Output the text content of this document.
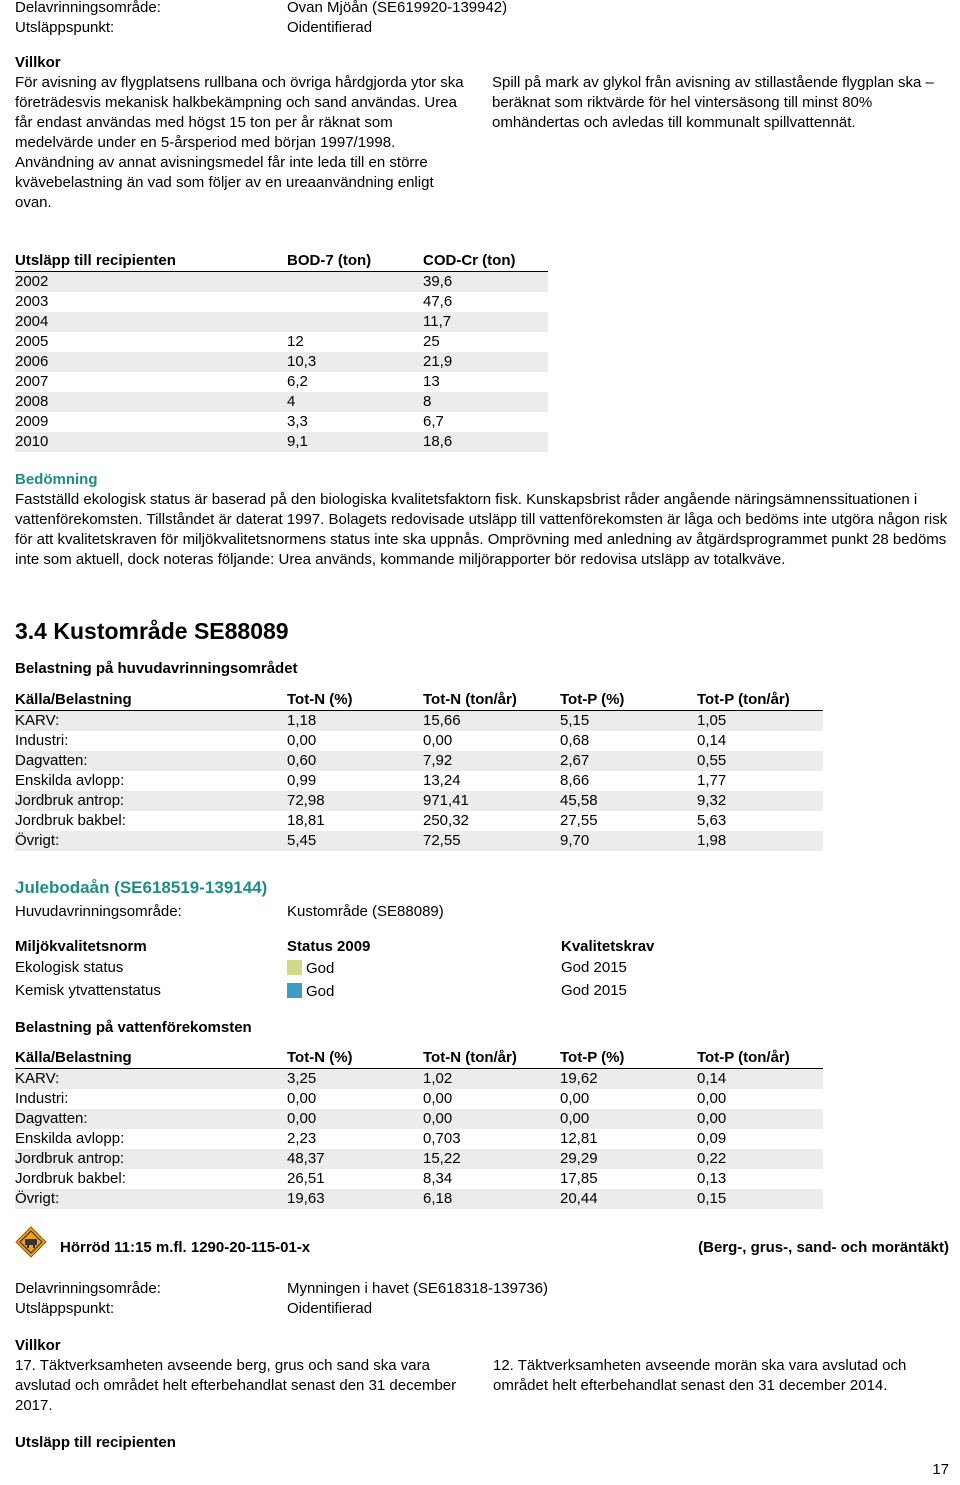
Delavrinningsområde:	Ovan Mjöån (SE619920-139942)
Utsläppspunkt:	Oidentifierad
Villkor
För avisning av flygplatsens rullbana och övriga hårdgjorda ytor ska företrädesvis mekanisk halkbekämpning och sand användas. Urea får endast användas med högst 15 ton per år räknat som medelvärde under en 5-årsperiod med början 1997/1998. Användning av annat avisningsmedel får inte leda till en större kvävebelastning än vad som följer av en ureaanvändning enligt ovan.
Spill på mark av glykol från avisning av stillastående flygplan ska – beräknat som riktvärde för hel vintersäsong till minst 80% omhändertas och avledas till kommunalt spillvattennät.
Utsläpp till recipienten	BOD-7 (ton)	COD-Cr (ton)
2002		39,6
2003		47,6
2004		11,7
2005	12	25
2006	10,3	21,9
2007	6,2	13
2008	4	8
2009	3,3	6,7
2010	9,1	18,6
Bedömning
Fastställd ekologisk status är baserad på den biologiska kvalitetsfaktorn fisk. Kunskapsbrist råder angående näringsämnenssituationen i vattenförekomsten. Tillståndet är daterat 1997. Bolagets redovisade utsläpp till vattenförekomsten är låga och bedöms inte utgöra någon risk för att kvalitetskraven för miljökvalitetsnormens status inte ska uppnås. Omprövning med anledning av åtgärdsprogrammet punkt 28 bedöms inte som aktuell, dock noteras följande: Urea används, kommande miljörapporter bör redovisa utsläpp av totalkväve.
3.4 Kustområde SE88089
Belastning på huvudavrinningsområdet
Källa/Belastning	Tot-N (%)	Tot-N (ton/år)	Tot-P (%)	Tot-P (ton/år)
KARV:	1,18	15,66	5,15	1,05
Industri:	0,00	0,00	0,68	0,14
Dagvatten:	0,60	7,92	2,67	0,55
Enskilda avlopp:	0,99	13,24	8,66	1,77
Jordbruk antrop:	72,98	971,41	45,58	9,32
Jordbruk bakbel:	18,81	250,32	27,55	5,63
Övrigt:	5,45	72,55	9,70	1,98
Julebodaån (SE618519-139144)
Huvudavrinningsområde:	Kustområde (SE88089)
Miljökvalitetsnorm	Status 2009	Kvalitetskrav
Ekologisk status	God	God 2015
Kemisk ytvattenstatus	God	God 2015
Belastning på vattenförekomsten
Källa/Belastning	Tot-N (%)	Tot-N (ton/år)	Tot-P (%)	Tot-P (ton/år)
KARV:	3,25	1,02	19,62	0,14
Industri:	0,00	0,00	0,00	0,00
Dagvatten:	0,00	0,00	0,00	0,00
Enskilda avlopp:	2,23	0,703	12,81	0,09
Jordbruk antrop:	48,37	15,22	29,29	0,22
Jordbruk bakbel:	26,51	8,34	17,85	0,13
Övrigt:	19,63	6,18	20,44	0,15
Hörröd 11:15 m.fl. 1290-20-115-01-x	(Berg-, grus-, sand- och moräntäkt)
Delavrinningsområde:	Mynningen i havet (SE618318-139736)
Utsläppspunkt:	Oidentifierad
Villkor
17. Täktverksamheten avseende berg, grus och sand ska vara avslutad och området helt efterbehandlat senast den 31 december 2017.
12. Täktverksamheten avseende morän ska vara avslutad och området helt efterbehandlat senast den 31 december 2014.
Utsläpp till recipienten
17
